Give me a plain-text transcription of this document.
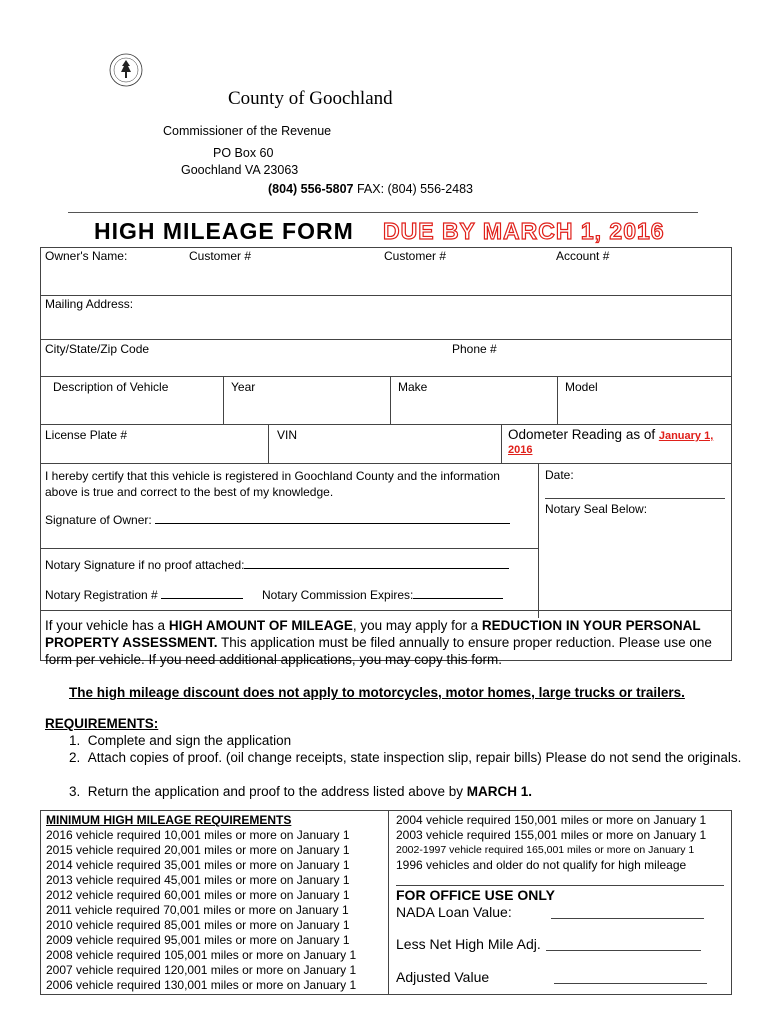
County of Goochland
Commissioner of the Revenue
PO Box 60
Goochland VA 23063
(804) 556-5807 FAX: (804) 556-2483
HIGH MILEAGE FORM DUE BY MARCH 1, 2016
Owner's Name:	Customer #	Customer #	Account #
Mailing Address:
City/State/Zip Code	Phone #
Description of Vehicle	Year	Make	Model
License Plate #	VIN	Odometer Reading as of January 1,
2016
I hereby certify that this vehicle is registered in Goochland County and the information above is true and correct to the best of my knowledge.
Date:
Notary Seal Below:
Signature of Owner:
Notary Signature if no proof attached:
Notary Registration #	Notary Commission Expires:
If your vehicle has a HIGH AMOUNT OF MILEAGE, you may apply for a REDUCTION IN YOUR PERSONAL PROPERTY ASSESSMENT. This application must be filed annually to ensure proper reduction. Please use one form per vehicle. If you need additional applications, you may copy this form.
The high mileage discount does not apply to motorcycles, motor homes, large trucks or trailers.
REQUIREMENTS:
1.  Complete and sign the application
2.  Attach copies of proof. (oil change receipts, state inspection slip, repair bills) Please do not send the originals.
3.  Return the application and proof to the address listed above by MARCH 1.
MINIMUM HIGH MILEAGE REQUIREMENTS
2016 vehicle required 10,001 miles or more on January 1
2015 vehicle required 20,001 miles or more on January 1
2014 vehicle required 35,001 miles or more on January 1
2013 vehicle required 45,001 miles or more on January 1
2012 vehicle required 60,001 miles or more on January 1
2011 vehicle required 70,001 miles or more on January 1
2010 vehicle required 85,001 miles or more on January 1
2009 vehicle required 95,001 miles or more on January 1
2008 vehicle required 105,001 miles or more on January 1
2007 vehicle required 120,001 miles or more on January 1
2006 vehicle required 130,001 miles or more on January 1
2004 vehicle required 150,001 miles or more on January 1
2003 vehicle required 155,001 miles or more on January 1
2002-1997 vehicle required 165,001 miles or more on January 1
1996 vehicles and older do not qualify for high mileage
FOR OFFICE USE ONLY
NADA Loan Value:
Less Net High Mile Adj.
Adjusted Value
